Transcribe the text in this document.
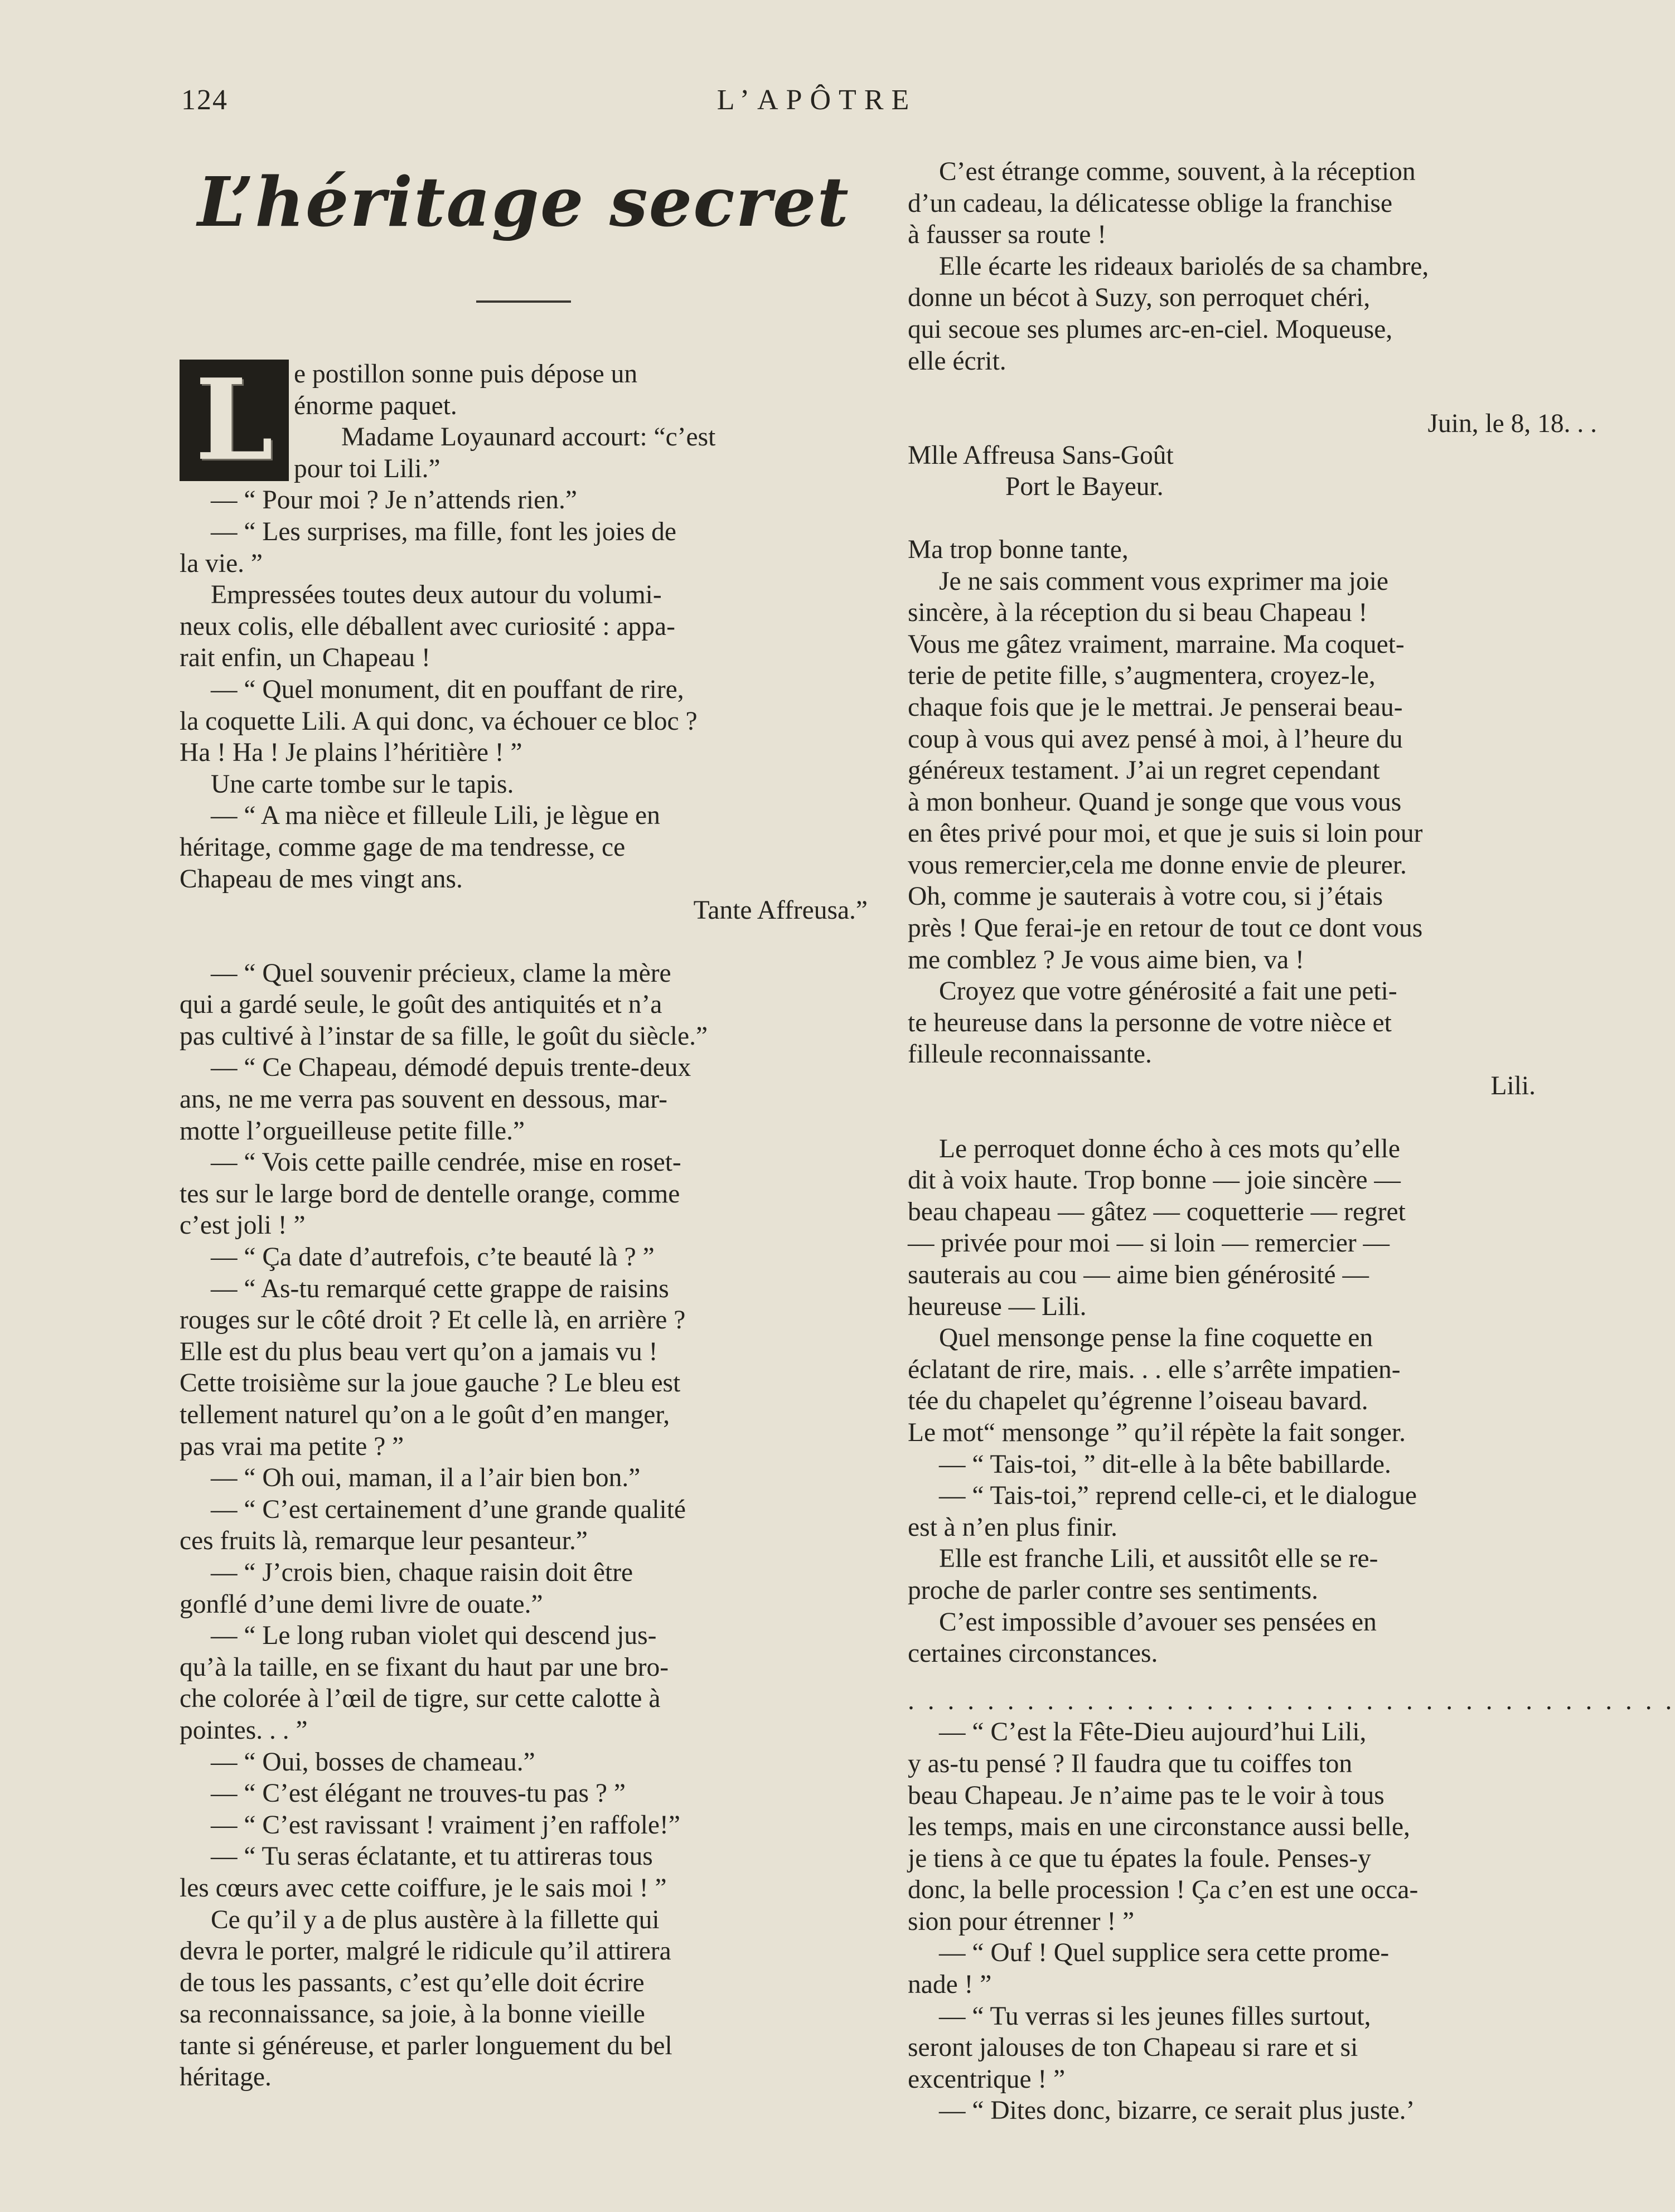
124	L’APÔTRE
L’héritage secret
L e postillon sonne puis dépose un
énorme paquet.
Madame Loyaunard accourt: “c’est
pour toi Lili.”
— “ Pour moi ? Je n’attends rien.”
— “ Les surprises, ma fille, font les joies de
la vie. ”
Empressées toutes deux autour du volumi-
neux colis, elle déballent avec curiosité : appa-
rait enfin, un Chapeau !
— “ Quel monument, dit en pouffant de rire,
la coquette Lili. A qui donc, va échouer ce bloc ?
Ha ! Ha ! Je plains l’héritière ! ”
Une carte tombe sur le tapis.
— “ A ma nièce et filleule Lili, je lègue en
héritage, comme gage de ma tendresse, ce
Chapeau de mes vingt ans.
Tante Affreusa.”
— “ Quel souvenir précieux, clame la mère
qui a gardé seule, le goût des antiquités et n’a
pas cultivé à l’instar de sa fille, le goût du siècle.”
— “ Ce Chapeau, démodé depuis trente-deux
ans, ne me verra pas souvent en dessous, mar-
motte l’orgueilleuse petite fille.”
— “ Vois cette paille cendrée, mise en roset-
tes sur le large bord de dentelle orange, comme
c’est joli ! ”
— “ Ça date d’autrefois, c’te beauté là ? ”
— “ As-tu remarqué cette grappe de raisins
rouges sur le côté droit ? Et celle là, en arrière ?
Elle est du plus beau vert qu’on a jamais vu !
Cette troisième sur la joue gauche ? Le bleu est
tellement naturel qu’on a le goût d’en manger,
pas vrai ma petite ? ”
— “ Oh oui, maman, il a l’air bien bon.”
— “ C’est certainement d’une grande qualité
ces fruits là, remarque leur pesanteur.”
— “ J’crois bien, chaque raisin doit être
gonflé d’une demi livre de ouate.”
— “ Le long ruban violet qui descend jus-
qu’à la taille, en se fixant du haut par une bro-
che colorée à l’œil de tigre, sur cette calotte à
pointes. . . ”
— “ Oui, bosses de chameau.”
— “ C’est élégant ne trouves-tu pas ? ”
— “ C’est ravissant ! vraiment j’en raffole!”
— “ Tu seras éclatante, et tu attireras tous
les cœurs avec cette coiffure, je le sais moi ! ”
Ce qu’il y a de plus austère à la fillette qui
devra le porter, malgré le ridicule qu’il attirera
de tous les passants, c’est qu’elle doit écrire
sa reconnaissance, sa joie, à la bonne vieille
tante si généreuse, et parler longuement du bel
héritage.
C’est étrange comme, souvent, à la réception
d’un cadeau, la délicatesse oblige la franchise
à fausser sa route !
Elle écarte les rideaux bariolés de sa chambre,
donne un bécot à Suzy, son perroquet chéri,
qui secoue ses plumes arc-en-ciel. Moqueuse,
elle écrit.
Juin, le 8, 18. . .
Mlle Affreusa Sans-Goût
Port le Bayeur.
Ma trop bonne tante,
Je ne sais comment vous exprimer ma joie
sincère, à la réception du si beau Chapeau !
Vous me gâtez vraiment, marraine. Ma coquet-
terie de petite fille, s’augmentera, croyez-le,
chaque fois que je le mettrai. Je penserai beau-
coup à vous qui avez pensé à moi, à l’heure du
généreux testament. J’ai un regret cependant
à mon bonheur. Quand je songe que vous vous
en êtes privé pour moi, et que je suis si loin pour
vous remercier,cela me donne envie de pleurer.
Oh, comme je sauterais à votre cou, si j’étais
près ! Que ferai-je en retour de tout ce dont vous
me comblez ? Je vous aime bien, va !
Croyez que votre générosité a fait une peti-
te heureuse dans la personne de votre nièce et
filleule reconnaissante.
Lili.
Le perroquet donne écho à ces mots qu’elle
dit à voix haute. Trop bonne — joie sincère —
beau chapeau — gâtez — coquetterie — regret
— privée pour moi — si loin — remercier —
sauterais au cou — aime bien générosité —
heureuse — Lili.
Quel mensonge pense la fine coquette en
éclatant de rire, mais. . . elle s’arrête impatien-
tée du chapelet qu’égrenne l’oiseau bavard.
Le mot“ mensonge ” qu’il répète la fait songer.
— “ Tais-toi, ” dit-elle à la bête babillarde.
— “ Tais-toi,” reprend celle-ci, et le dialogue
est à n’en plus finir.
Elle est franche Lili, et aussitôt elle se re-
proche de parler contre ses sentiments.
C’est impossible d’avouer ses pensées en
certaines circonstances.
. . . . . . . . . . . . . . . . . . . . . . . . . . . . . . . . . . . . . . .
— “ C’est la Fête-Dieu aujourd’hui Lili,
y as-tu pensé ? Il faudra que tu coiffes ton
beau Chapeau. Je n’aime pas te le voir à tous
les temps, mais en une circonstance aussi belle,
je tiens à ce que tu épates la foule. Penses-y
donc, la belle procession ! Ça c’en est une occa-
sion pour étrenner ! ”
— “ Ouf ! Quel supplice sera cette prome-
nade ! ”
— “ Tu verras si les jeunes filles surtout,
seront jalouses de ton Chapeau si rare et si
excentrique ! ”
— “ Dites donc, bizarre, ce serait plus juste.’
